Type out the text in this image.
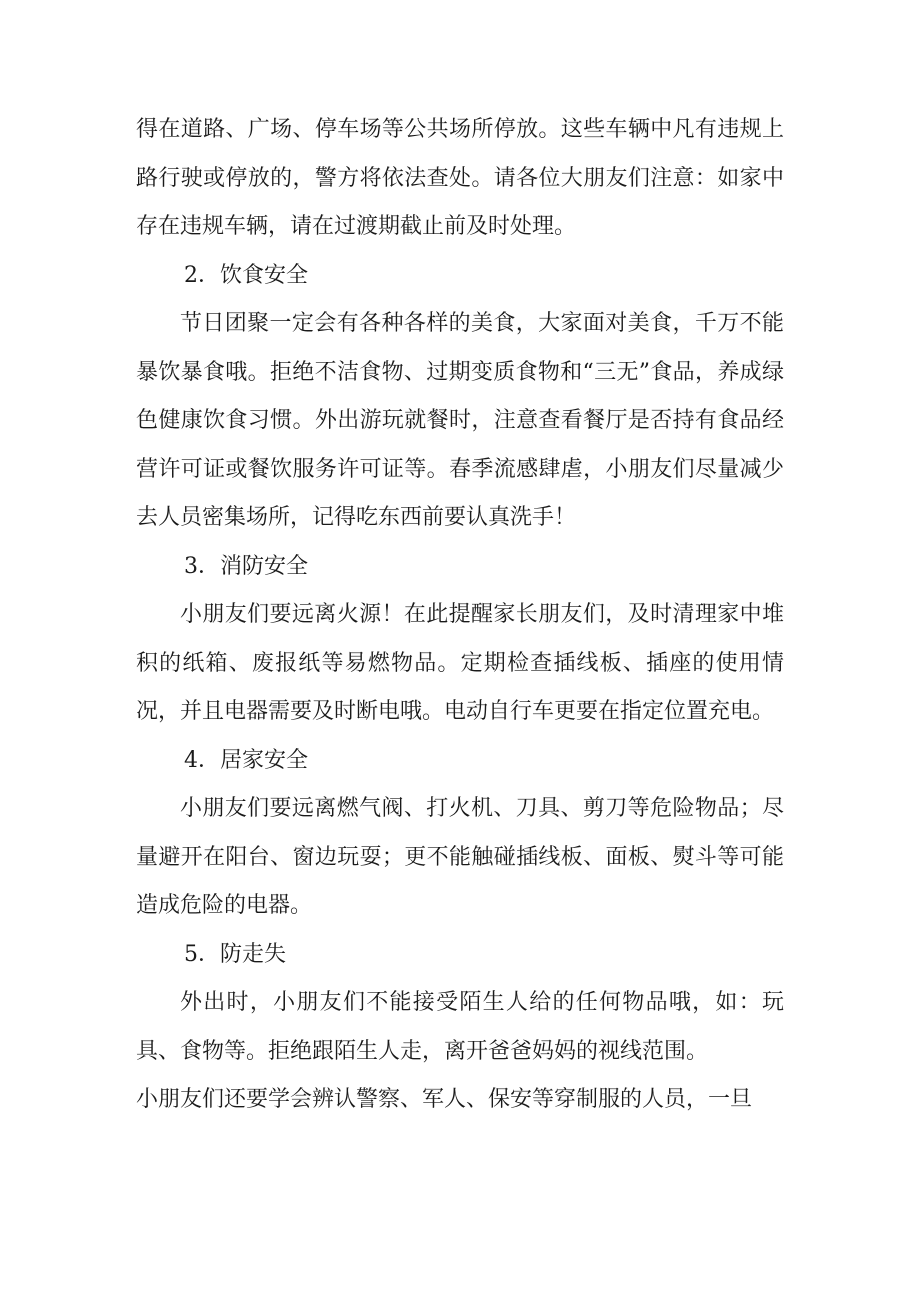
得在道路、广场、停车场等公共场所停放。这些车辆中凡有违规上路行驶或停放的，警方将依法查处。请各位大朋友们注意：如家中存在违规车辆，请在过渡期截止前及时处理。

2．饮食安全

节日团聚一定会有各种各样的美食，大家面对美食，千万不能暴饮暴食哦。拒绝不洁食物、过期变质食物和“三无”食品，养成绿色健康饮食习惯。外出游玩就餐时，注意查看餐厅是否持有食品经营许可证或餐饮服务许可证等。春季流感肆虐，小朋友们尽量减少去人员密集场所，记得吃东西前要认真洗手！

3．消防安全

小朋友们要远离火源！在此提醒家长朋友们，及时清理家中堆积的纸箱、废报纸等易燃物品。定期检查插线板、插座的使用情况，并且电器需要及时断电哦。电动自行车更要在指定位置充电。

4．居家安全

小朋友们要远离燃气阀、打火机、刀具、剪刀等危险物品；尽量避开在阳台、窗边玩耍；更不能触碰插线板、面板、熨斗等可能造成危险的电器。

5．防走失

外出时，小朋友们不能接受陌生人给的任何物品哦，如：玩具、食物等。拒绝跟陌生人走，离开爸爸妈妈的视线范围。

小朋友们还要学会辨认警察、军人、保安等穿制服的人员，一旦
